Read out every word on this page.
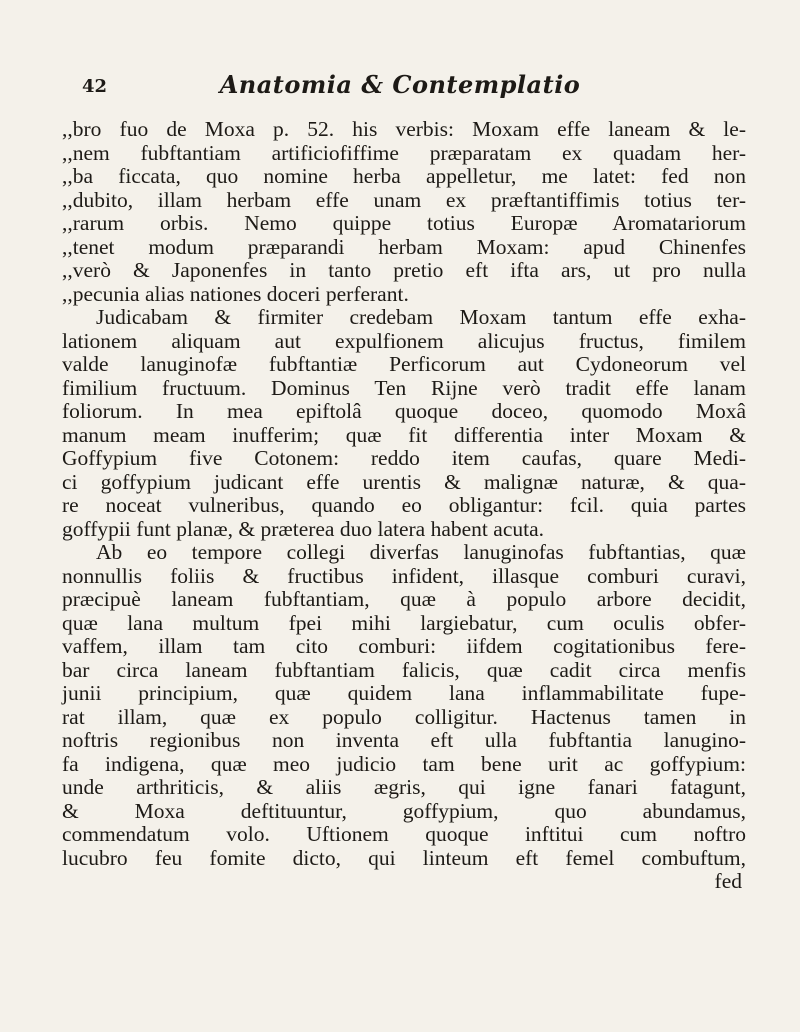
42	Anatomia & Contemplatio
,,bro fuo de Moxa p. 52. his verbis: Moxam effe laneam & le-
,,nem fubftantiam artificiofiffime præparatam ex quadam her-
,,ba ficcata, quo nomine herba appelletur, me latet: fed non
,,dubito, illam herbam effe unam ex præftantiffimis totius ter-
,,rarum orbis. Nemo quippe totius Europæ Aromatariorum
,,tenet modum præparandi herbam Moxam: apud Chinenfes
,,verò & Japonenfes in tanto pretio eft ifta ars, ut pro nulla
,,pecunia alias nationes doceri perferant.
Judicabam & firmiter credebam Moxam tantum effe exha-
lationem aliquam aut expulfionem alicujus fructus, fimilem
valde lanuginofæ fubftantiæ Perficorum aut Cydoneorum vel
fimilium fructuum. Dominus Ten Rijne verò tradit effe lanam
foliorum. In mea epiftolâ quoque doceo, quomodo Moxâ
manum meam inufferim; quæ fit differentia inter Moxam &
Goffypium five Cotonem: reddo item caufas, quare Medi-
ci goffypium judicant effe urentis & malignæ naturæ, & qua-
re noceat vulneribus, quando eo obligantur: fcil. quia partes
goffypii funt planæ, & præterea duo latera habent acuta.
Ab eo tempore collegi diverfas lanuginofas fubftantias, quæ
nonnullis foliis & fructibus infident, illasque comburi curavi,
præcipuè laneam fubftantiam, quæ à populo arbore decidit,
quæ lana multum fpei mihi largiebatur, cum oculis obfer-
vaffem, illam tam cito comburi: iifdem cogitationibus fere-
bar circa laneam fubftantiam falicis, quæ cadit circa menfis
junii principium, quæ quidem lana inflammabilitate fupe-
rat illam, quæ ex populo colligitur. Hactenus tamen in
noftris regionibus non inventa eft ulla fubftantia lanugino-
fa indigena, quæ meo judicio tam bene urit ac goffypium:
unde arthriticis, & aliis ægris, qui igne fanari fatagunt,
& Moxa deftituuntur, goffypium, quo abundamus,
commendatum volo. Uftionem quoque inftitui cum noftro
lucubro feu fomite dicto, qui linteum eft femel combuftum,
fed
